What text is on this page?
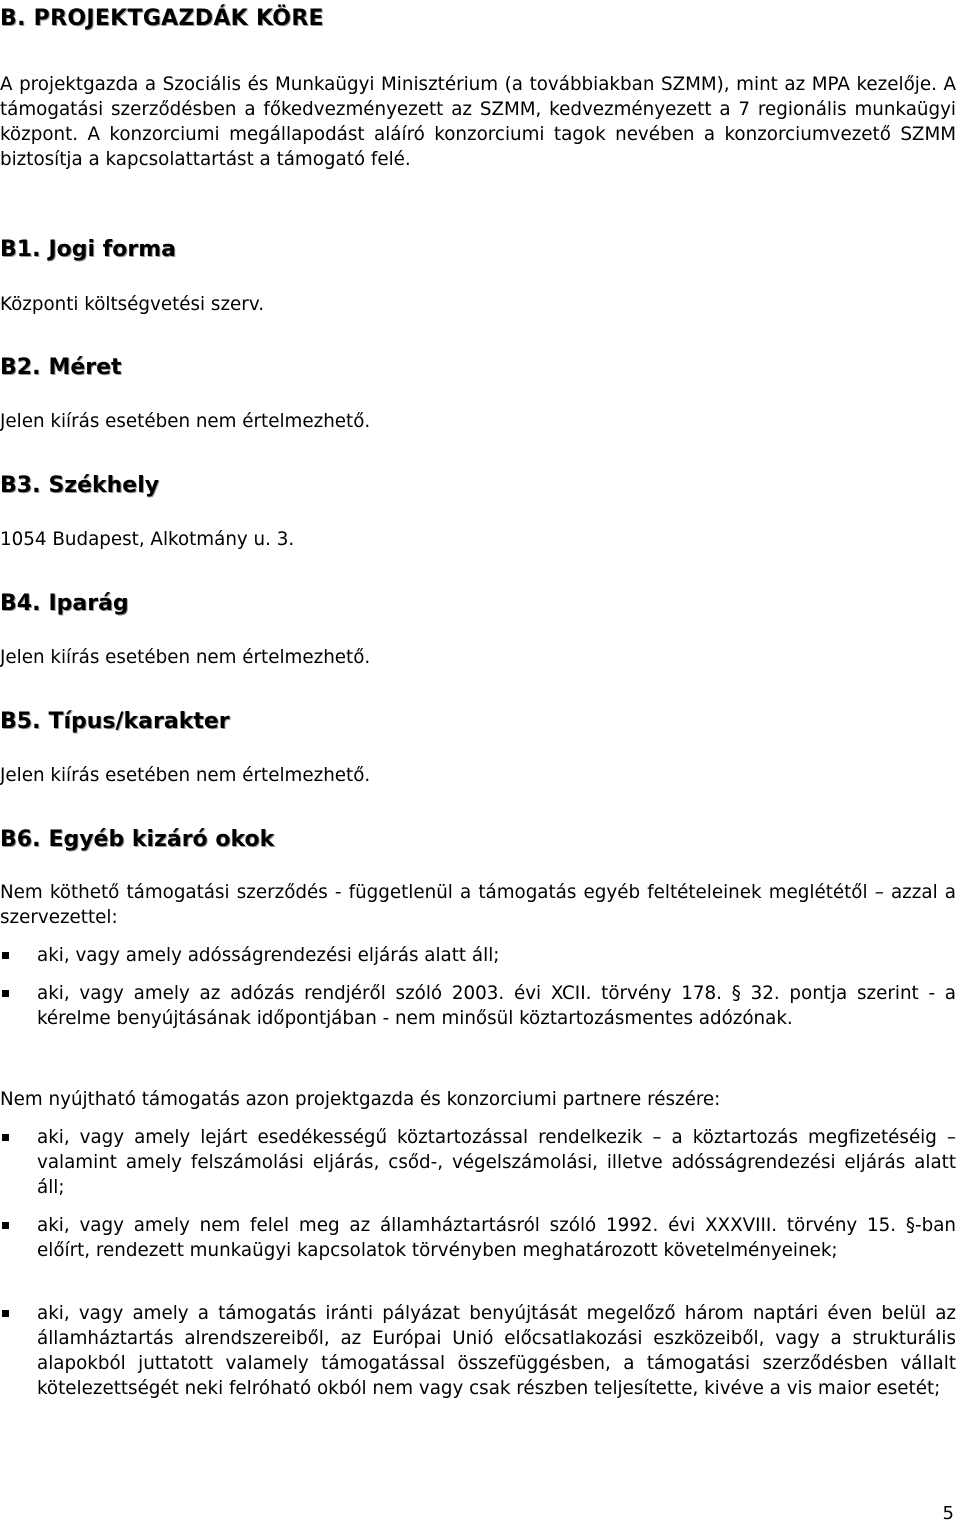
B. PROJEKTGAZDÁK KÖRE

A projektgazda a Szociális és Munkaügyi Minisztérium (a továbbiakban SZMM), mint az MPA kezelője. A támogatási szerződésben a főkedvezményezett az SZMM, kedvezményezett a 7 regionális munkaügyi központ. A konzorciumi megállapodást aláíró konzorciumi tagok nevében a konzorciumvezető SZMM biztosítja a kapcsolattartást a támogató felé.

B1. Jogi forma

Központi költségvetési szerv.

B2. Méret

Jelen kiírás esetében nem értelmezhető.

B3. Székhely

1054 Budapest, Alkotmány u. 3.

B4. Iparág

Jelen kiírás esetében nem értelmezhető.

B5. Típus/karakter

Jelen kiírás esetében nem értelmezhető.

B6. Egyéb kizáró okok

Nem köthető támogatási szerződés - függetlenül a támogatás egyéb feltételeinek meglététől – azzal a szervezettel:

aki, vagy amely adósságrendezési eljárás alatt áll;
aki, vagy amely az adózás rendjéről szóló 2003. évi XCII. törvény 178. § 32. pontja szerint - a kérelme benyújtásának időpontjában - nem minősül köztartozásmentes adózónak.

Nem nyújtható támogatás azon projektgazda és konzorciumi partnere részére:

aki, vagy amely lejárt esedékességű köztartozással rendelkezik – a köztartozás megfizetéséig – valamint amely felszámolási eljárás, csőd-, végelszámolási, illetve adósságrendezési eljárás alatt áll;
aki, vagy amely nem felel meg az államháztartásról szóló 1992. évi XXXVIII. törvény 15. §-ban előírt, rendezett munkaügyi kapcsolatok törvényben meghatározott követelményeinek;
aki, vagy amely a támogatás iránti pályázat benyújtását megelőző három naptári éven belül az államháztartás alrendszereiből, az Európai Unió előcsatlakozási eszközeiből, vagy a strukturális alapokból juttatott valamely támogatással összefüggésben, a támogatási szerződésben vállalt kötelezettségét neki felróható okból nem vagy csak részben teljesítette, kivéve a vis maior esetét;
5
